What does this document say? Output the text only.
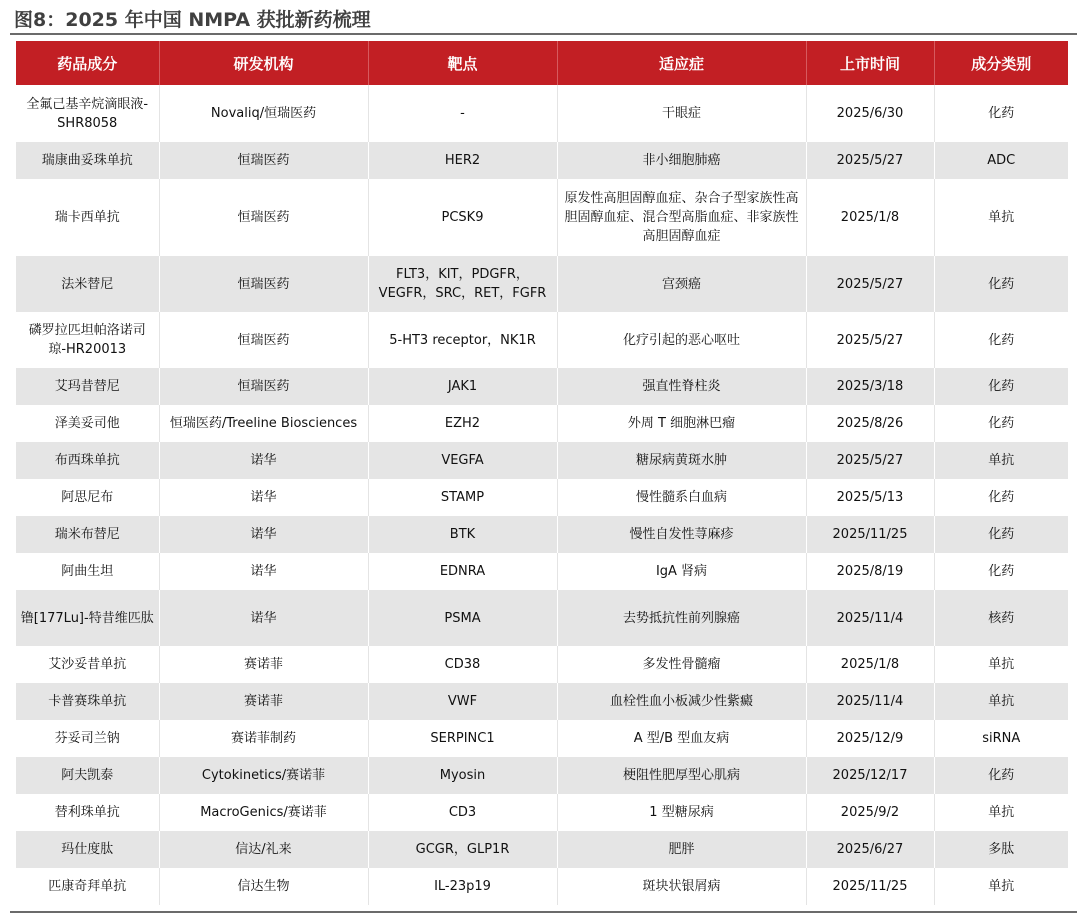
图8：2025 年中国 NMPA 获批新药梳理
药品成分	研发机构	靶点	适应症	上市时间	成分类别
全氟己基辛烷滴眼液-SHR8058	Novaliq/恒瑞医药	-	干眼症	2025/6/30	化药
瑞康曲妥珠单抗	恒瑞医药	HER2	非小细胞肺癌	2025/5/27	ADC
瑞卡西单抗	恒瑞医药	PCSK9	原发性高胆固醇血症、杂合子型家族性高胆固醇血症、混合型高脂血症、非家族性高胆固醇血症	2025/1/8	单抗
法米替尼	恒瑞医药	FLT3，KIT，PDGFR，VEGFR，SRC，RET，FGFR	宫颈癌	2025/5/27	化药
磷罗拉匹坦帕洛诺司琼-HR20013	恒瑞医药	5-HT3 receptor，NK1R	化疗引起的恶心呕吐	2025/5/27	化药
艾玛昔替尼	恒瑞医药	JAK1	强直性脊柱炎	2025/3/18	化药
泽美妥司他	恒瑞医药/Treeline Biosciences	EZH2	外周 T 细胞淋巴瘤	2025/8/26	化药
布西珠单抗	诺华	VEGFA	糖尿病黄斑水肿	2025/5/27	单抗
阿思尼布	诺华	STAMP	慢性髓系白血病	2025/5/13	化药
瑞米布替尼	诺华	BTK	慢性自发性荨麻疹	2025/11/25	化药
阿曲生坦	诺华	EDNRA	IgA 肾病	2025/8/19	化药
镥[177Lu]-特昔维匹肽	诺华	PSMA	去势抵抗性前列腺癌	2025/11/4	核药
艾沙妥昔单抗	赛诺菲	CD38	多发性骨髓瘤	2025/1/8	单抗
卡普赛珠单抗	赛诺菲	VWF	血栓性血小板减少性紫癜	2025/11/4	单抗
芬妥司兰钠	赛诺菲制药	SERPINC1	A 型/B 型血友病	2025/12/9	siRNA
阿夫凯泰	Cytokinetics/赛诺菲	Myosin	梗阻性肥厚型心肌病	2025/12/17	化药
替利珠单抗	MacroGenics/赛诺菲	CD3	1 型糖尿病	2025/9/2	单抗
玛仕度肽	信达/礼来	GCGR，GLP1R	肥胖	2025/6/27	多肽
匹康奇拜单抗	信达生物	IL-23p19	斑块状银屑病	2025/11/25	单抗
